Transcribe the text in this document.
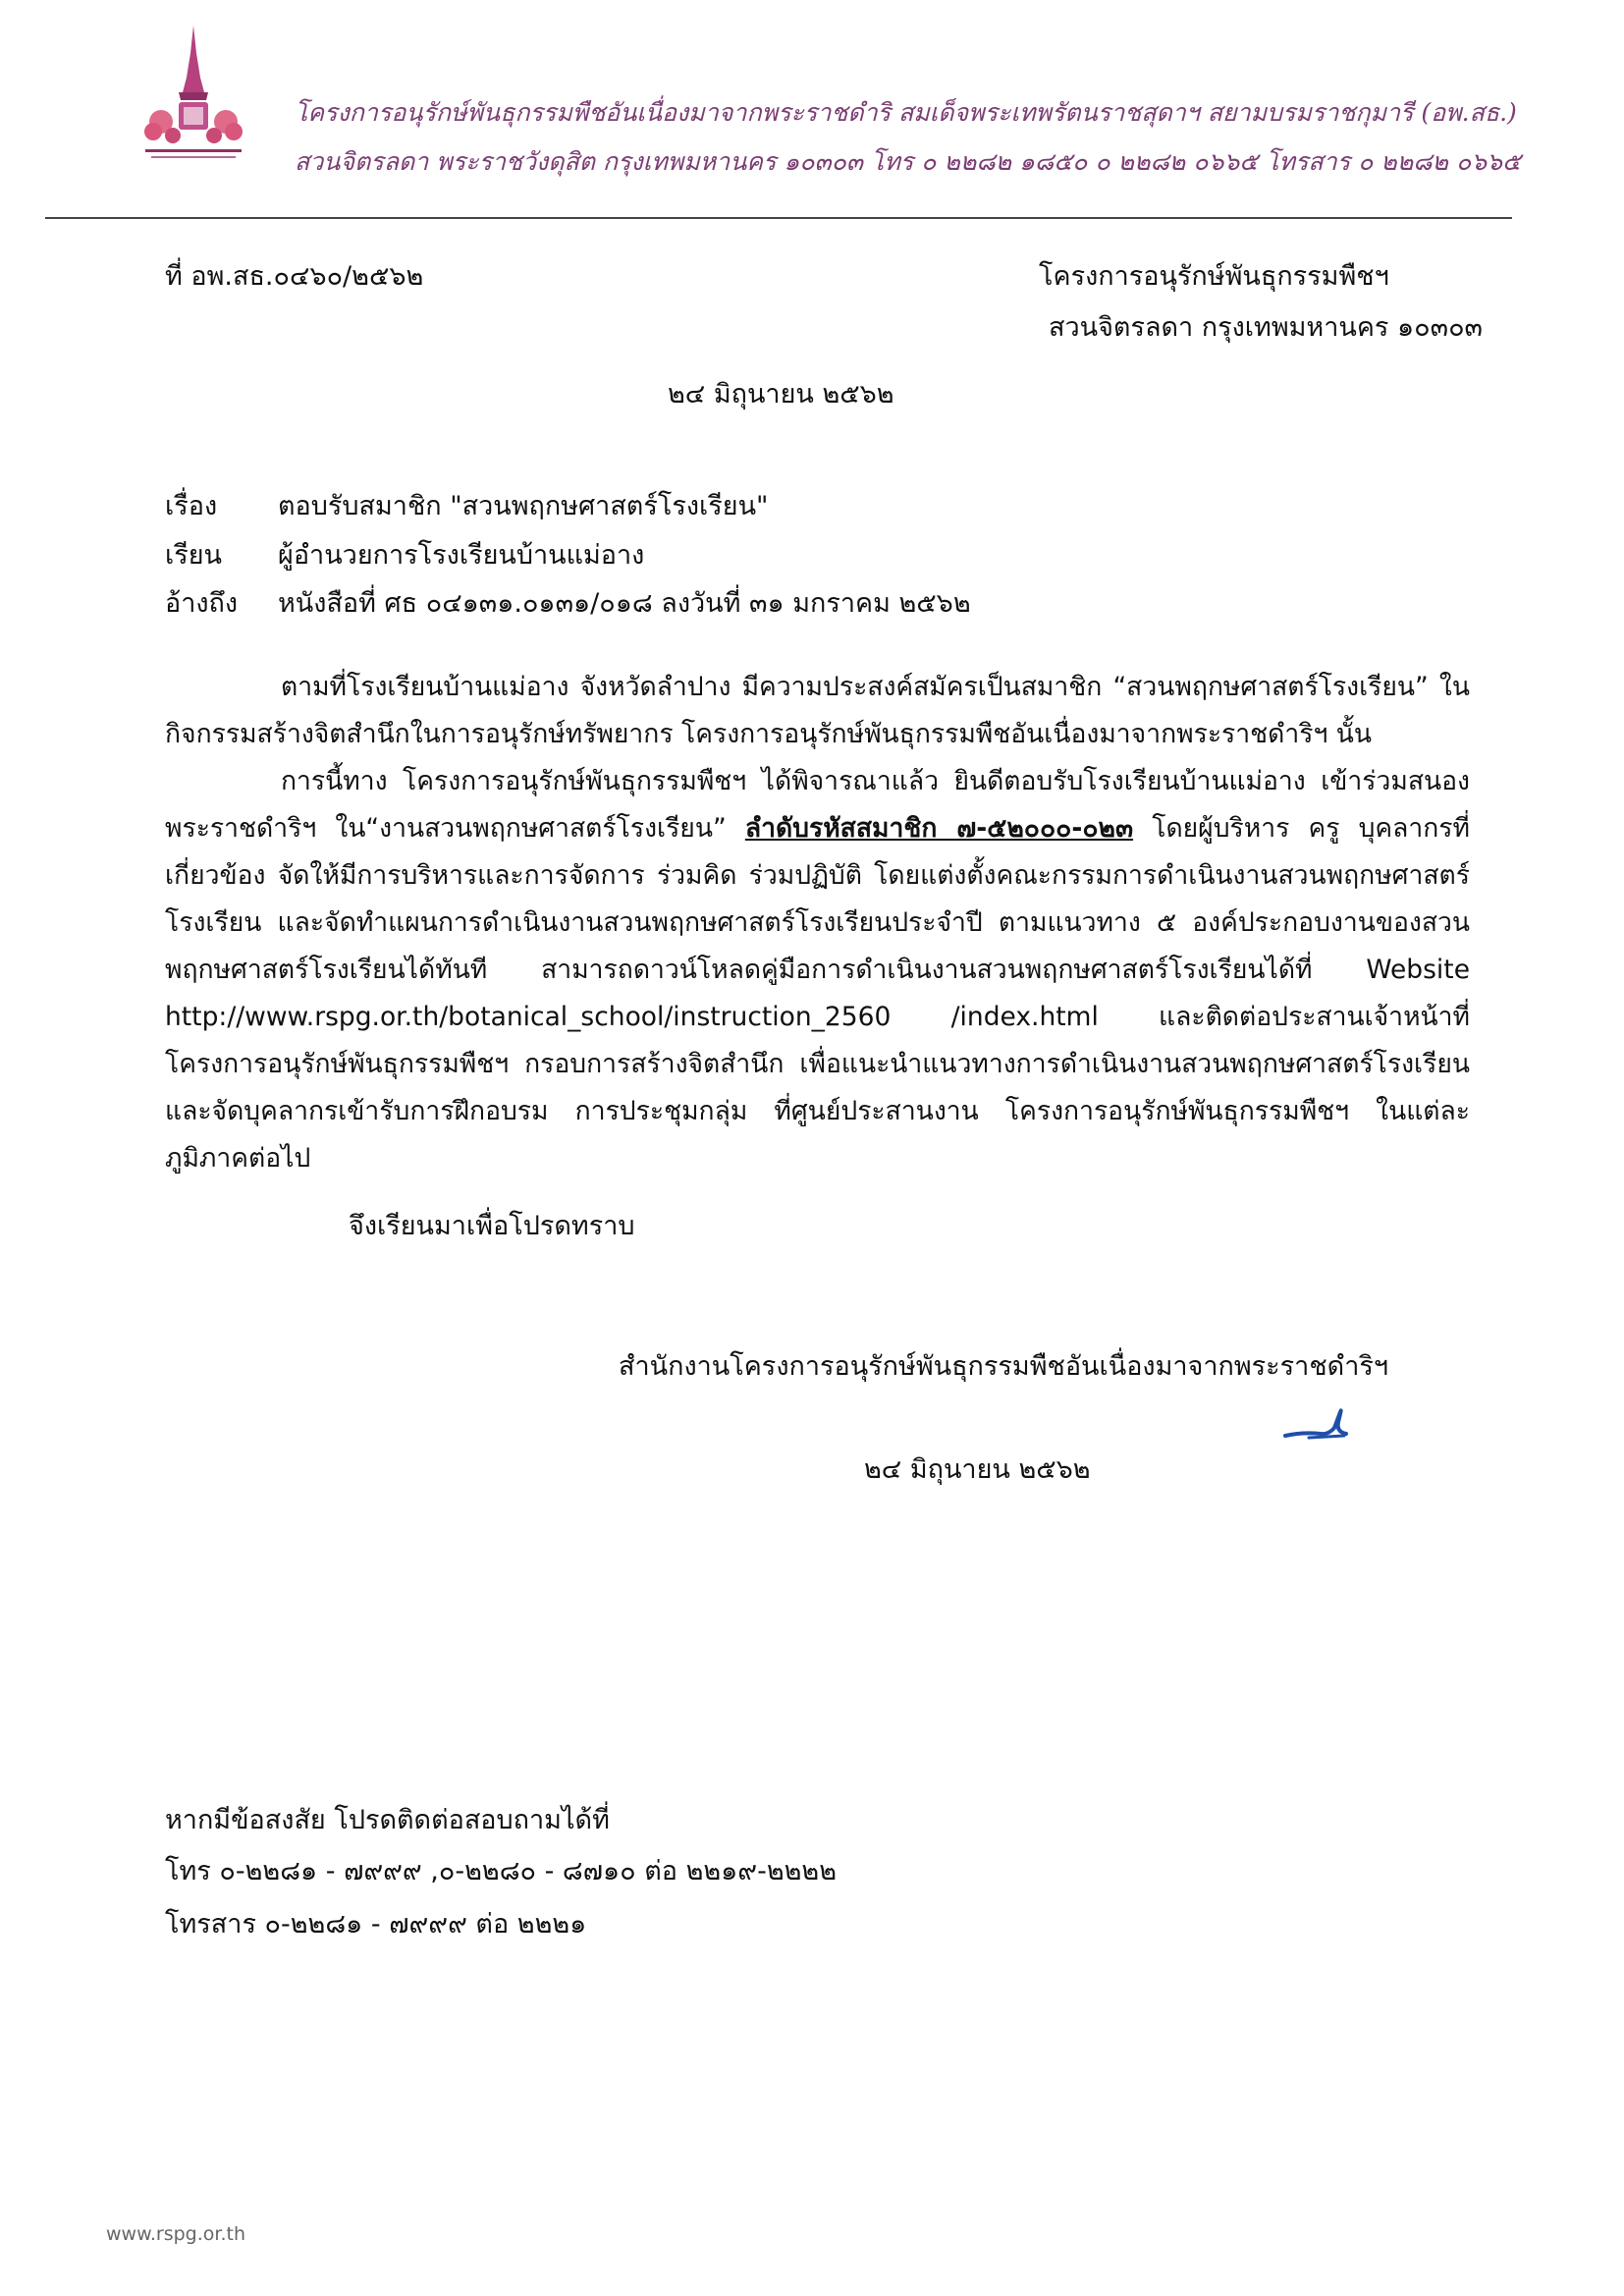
โครงการอนุรักษ์พันธุกรรมพืชอันเนื่องมาจากพระราชดำริ สมเด็จพระเทพรัตนราชสุดาฯ สยามบรมราชกุมารี (อพ.สธ.)
สวนจิตรลดา พระราชวังดุสิต กรุงเทพมหานคร ๑๐๓๐๓ โทร ๐ ๒๒๘๒ ๑๘๕๐ ๐ ๒๒๘๒ ๐๖๖๕ โทรสาร ๐ ๒๒๘๒ ๐๖๖๕
ที่ อพ.สธ.๐๔๖๐/๒๕๖๒	โครงการอนุรักษ์พันธุกรรมพืชฯ
สวนจิตรลดา กรุงเทพมหานคร ๑๐๓๐๓
๒๔ มิถุนายน ๒๕๖๒
เรื่อง ตอบรับสมาชิก "สวนพฤกษศาสตร์โรงเรียน"
เรียน ผู้อำนวยการโรงเรียนบ้านแม่อาง
อ้างถึง หนังสือที่ ศธ ๐๔๑๓๑.๐๑๓๑/๐๑๘ ลงวันที่ ๓๑ มกราคม ๒๕๖๒

ตามที่โรงเรียนบ้านแม่อาง จังหวัดลำปาง มีความประสงค์สมัครเป็นสมาชิก “สวนพฤกษศาสตร์โรงเรียน” ในกิจกรรมสร้างจิตสำนึกในการอนุรักษ์ทรัพยากร โครงการอนุรักษ์พันธุกรรมพืชอันเนื่องมาจากพระราชดำริฯ นั้น

การนี้ทาง โครงการอนุรักษ์พันธุกรรมพืชฯ ได้พิจารณาแล้ว ยินดีตอบรับโรงเรียนบ้านแม่อาง เข้าร่วมสนองพระราชดำริฯ ใน“งานสวนพฤกษศาสตร์โรงเรียน” ลำดับรหัสสมาชิก ๗-๕๒๐๐๐-๐๒๓ โดยผู้บริหาร ครู บุคลากรที่เกี่ยวข้อง จัดให้มีการบริหารและการจัดการ ร่วมคิด ร่วมปฏิบัติ โดยแต่งตั้งคณะกรรมการดำเนินงานสวนพฤกษศาสตร์โรงเรียน และจัดทำแผนการดำเนินงานสวนพฤกษศาสตร์โรงเรียนประจำปี ตามแนวทาง ๕ องค์ประกอบงานของสวนพฤกษศาสตร์โรงเรียนได้ทันที สามารถดาวน์โหลดคู่มือการดำเนินงานสวนพฤกษศาสตร์โรงเรียนได้ที่ Website http://www.rspg.or.th/botanical_school/instruction_2560 /index.html และติดต่อประสานเจ้าหน้าที่ โครงการอนุรักษ์พันธุกรรมพืชฯ กรอบการสร้างจิตสำนึก เพื่อแนะนำแนวทางการดำเนินงานสวนพฤกษศาสตร์โรงเรียน และจัดบุคลากรเข้ารับการฝึกอบรม การประชุมกลุ่ม ที่ศูนย์ประสานงาน โครงการอนุรักษ์พันธุกรรมพืชฯ ในแต่ละภูมิภาคต่อไป

จึงเรียนมาเพื่อโปรดทราบ
สำนักงานโครงการอนุรักษ์พันธุกรรมพืชอันเนื่องมาจากพระราชดำริฯ
๒๔ มิถุนายน ๒๕๖๒
หากมีข้อสงสัย โปรดติดต่อสอบถามได้ที่
โทร ๐-๒๒๘๑ - ๗๙๙๙ ,๐-๒๒๘๐ - ๘๗๑๐ ต่อ ๒๒๑๙-๒๒๒๒
โทรสาร ๐-๒๒๘๑ - ๗๙๙๙ ต่อ ๒๒๒๑
www.rspg.or.th
